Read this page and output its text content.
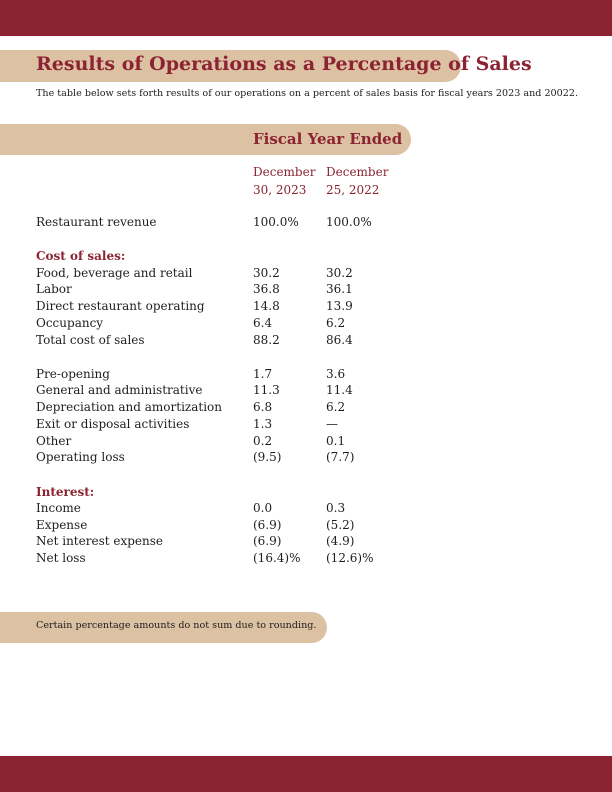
Results of Operations as a Percentage of Sales

The table below sets forth results of our operations on a percent of sales basis for fiscal years 2023 and 20022.

Fiscal Year Ended
December
30, 2023
December
25, 2022
Restaurant revenue	100.0% 100.0%
Cost of sales:
Food, beverage and retail	30.2	30.2
Labor	36.8	36.1
Direct restaurant operating	14.8	13.9
Occupancy	6.4	6.2
Total cost of sales	88.2	86.4
Pre-opening	1.7	3.6
General and administrative	11.3	11.4
Depreciation and amortization	6.8	6.2
Exit or disposal activities	1.3	—
Other	0.2	0.1
Operating loss	(9.5)	(7.7)
Interest:
Income	0.0	0.3
Expense	(6.9)	(5.2)
Net interest expense	(6.9)	(4.9)
Net loss	(16.4)% (12.6)%
Certain percentage amounts do not sum due to rounding.
